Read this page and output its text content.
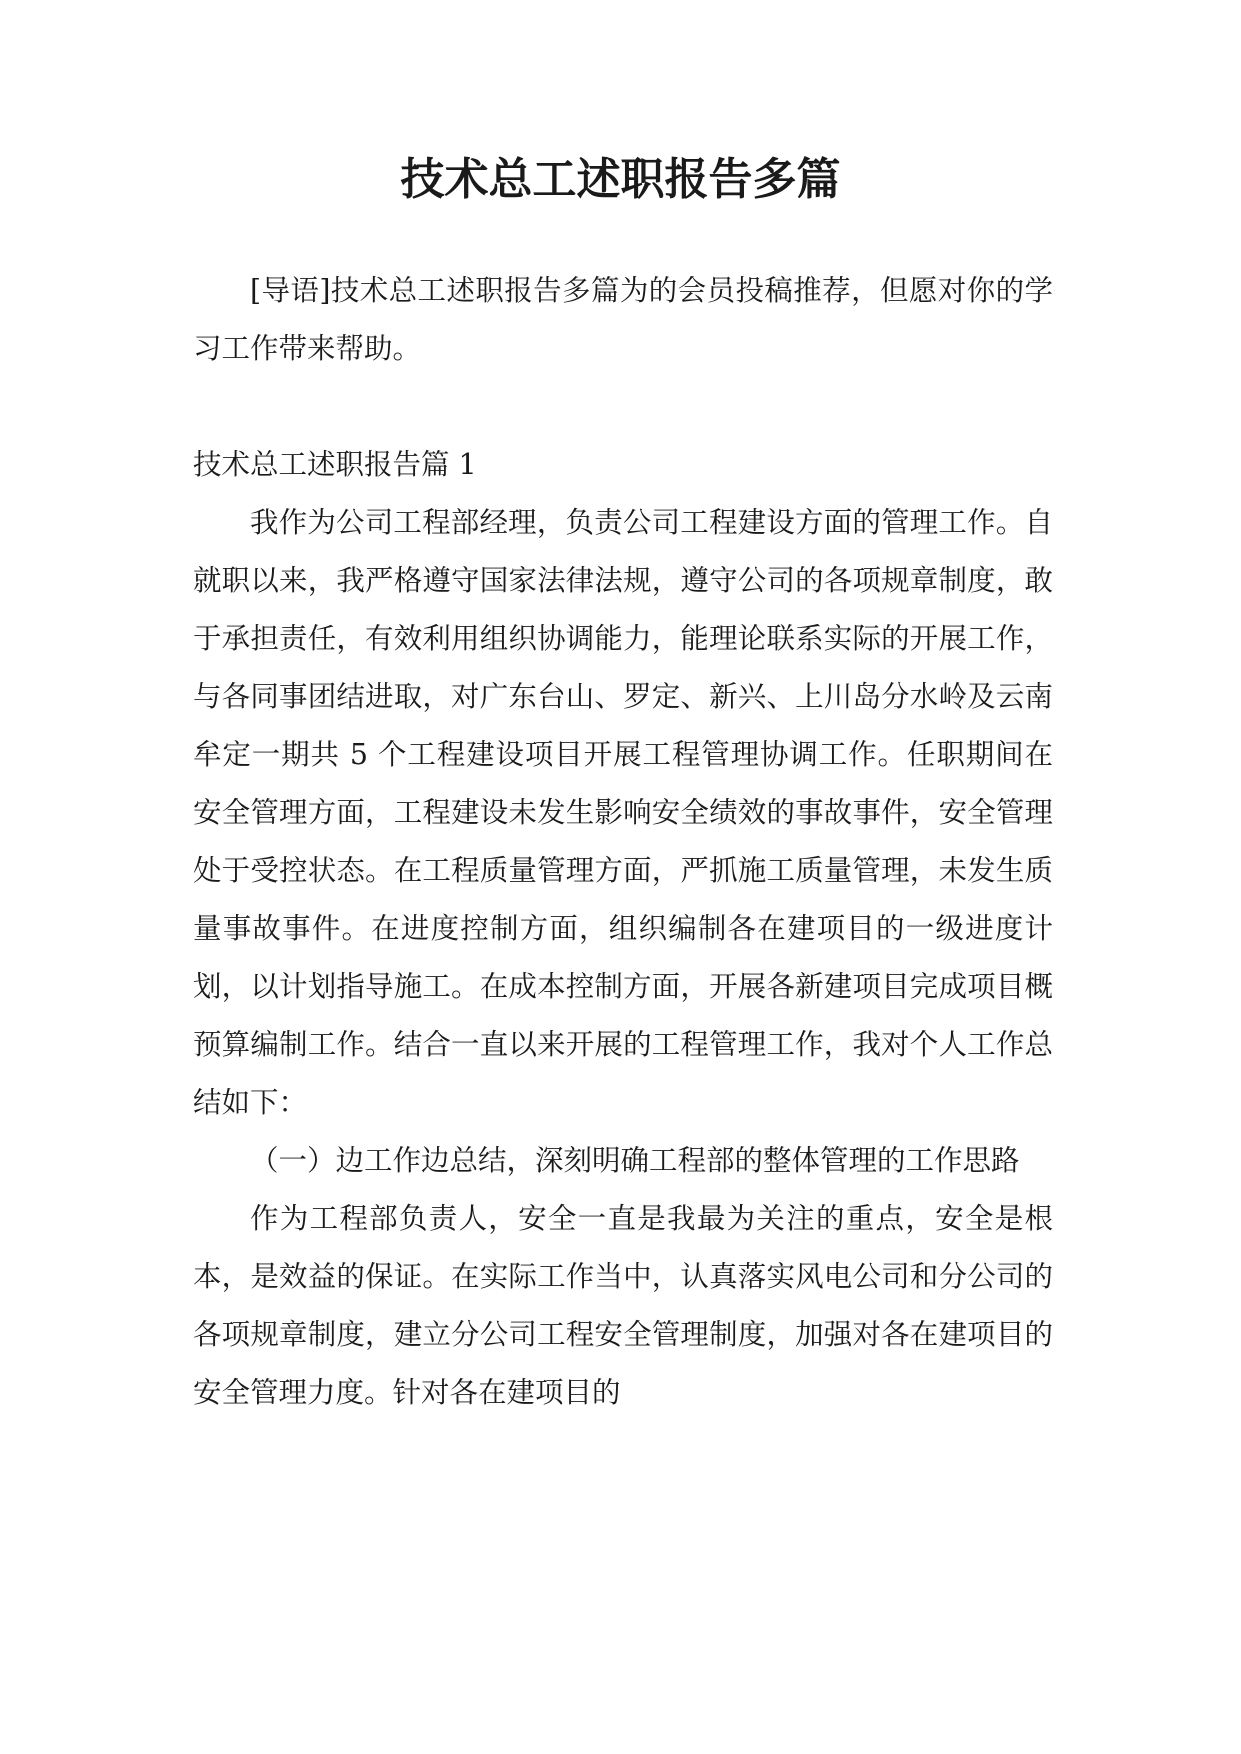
技术总工述职报告多篇

[导语]技术总工述职报告多篇为的会员投稿推荐，但愿对你的学习工作带来帮助。

技术总工述职报告篇 1

我作为公司工程部经理，负责公司工程建设方面的管理工作。自就职以来，我严格遵守国家法律法规，遵守公司的各项规章制度，敢于承担责任，有效利用组织协调能力，能理论联系实际的开展工作，与各同事团结进取，对广东台山、罗定、新兴、上川岛分水岭及云南牟定一期共 5 个工程建设项目开展工程管理协调工作。任职期间在安全管理方面，工程建设未发生影响安全绩效的事故事件，安全管理处于受控状态。在工程质量管理方面，严抓施工质量管理，未发生质量事故事件。在进度控制方面，组织编制各在建项目的一级进度计划，以计划指导施工。在成本控制方面，开展各新建项目完成项目概预算编制工作。结合一直以来开展的工程管理工作，我对个人工作总结如下：

（一）边工作边总结，深刻明确工程部的整体管理的工作思路

作为工程部负责人，安全一直是我最为关注的重点，安全是根本，是效益的保证。在实际工作当中，认真落实风电公司和分公司的各项规章制度，建立分公司工程安全管理制度，加强对各在建项目的安全管理力度。针对各在建项目的
